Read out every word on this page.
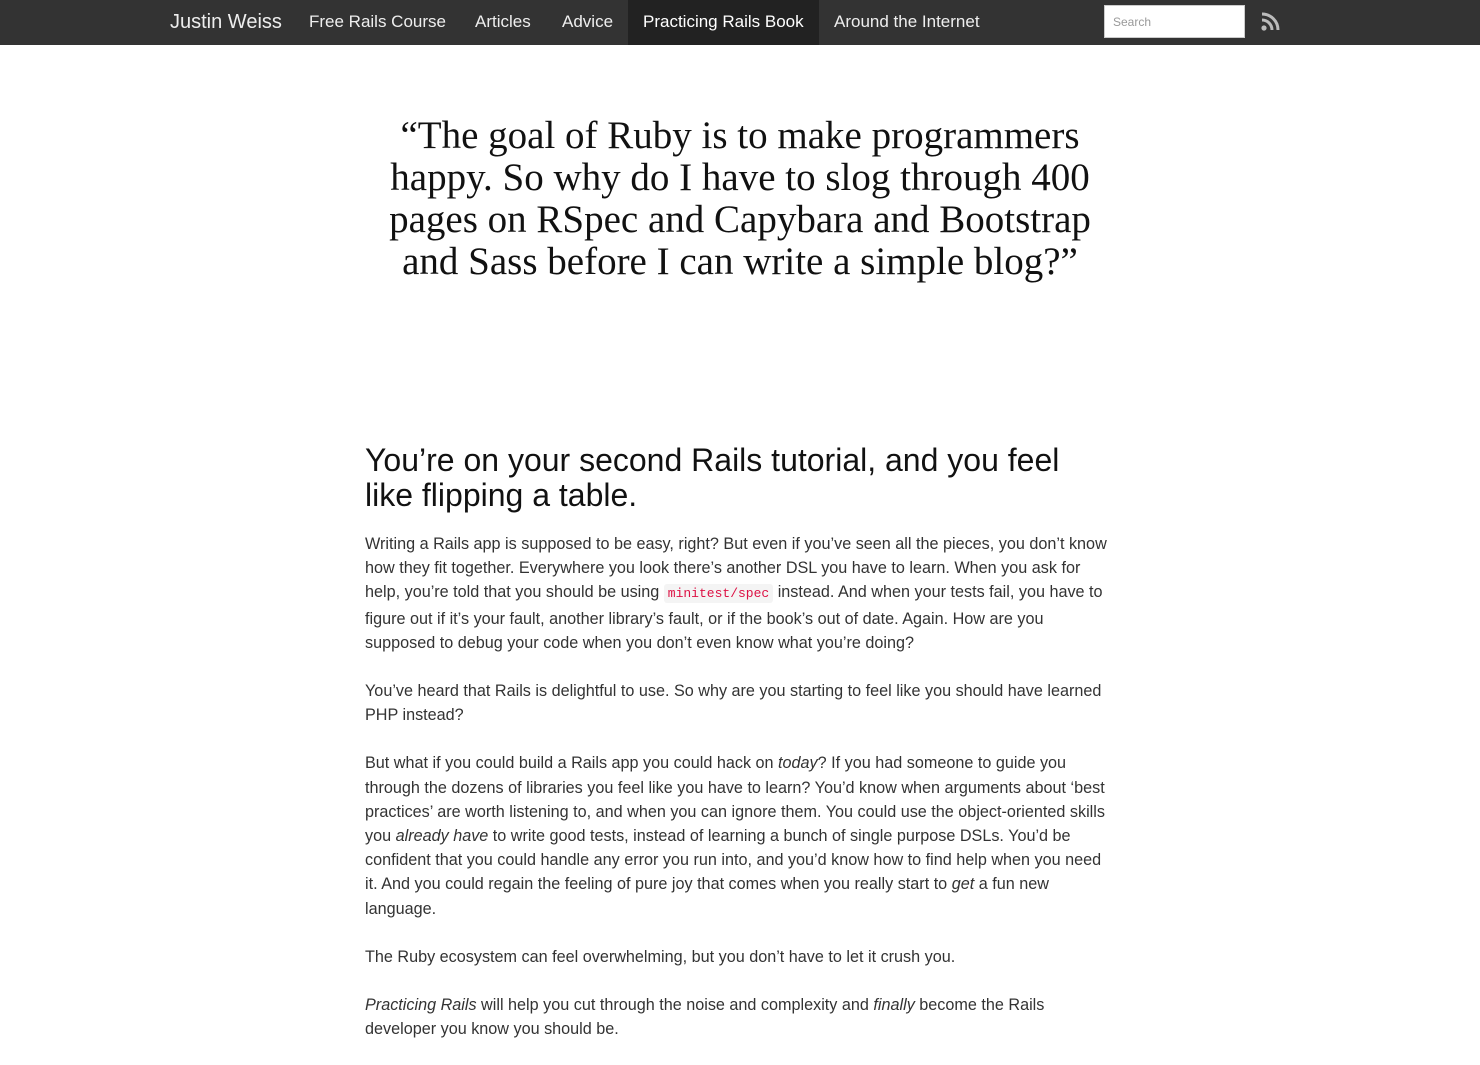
Justin Weiss	Free Rails Course	Articles	Advice	Practicing Rails Book	Around the Internet
Search
“The goal of Ruby is to make programmers happy. So why do I have to slog through 400 pages on RSpec and Capybara and Bootstrap and Sass before I can write a simple blog?”
You’re on your second Rails tutorial, and you feel like flipping a table.

Writing a Rails app is supposed to be easy, right? But even if you’ve seen all the pieces, you don’t know how they fit together. Everywhere you look there’s another DSL you have to learn. When you ask for help, you’re told that you should be using minitest/spec instead. And when your tests fail, you have to figure out if it’s your fault, another library’s fault, or if the book’s out of date. Again. How are you supposed to debug your code when you don’t even know what you’re doing?

You’ve heard that Rails is delightful to use. So why are you starting to feel like you should have learned PHP instead?

But what if you could build a Rails app you could hack on today? If you had someone to guide you through the dozens of libraries you feel like you have to learn? You’d know when arguments about ‘best practices’ are worth listening to, and when you can ignore them. You could use the object-oriented skills you already have to write good tests, instead of learning a bunch of single purpose DSLs. You’d be confident that you could handle any error you run into, and you’d know how to find help when you need it. And you could regain the feeling of pure joy that comes when you really start to get a fun new language.

The Ruby ecosystem can feel overwhelming, but you don’t have to let it crush you.

Practicing Rails will help you cut through the noise and complexity and finally become the Rails developer you know you should be.
